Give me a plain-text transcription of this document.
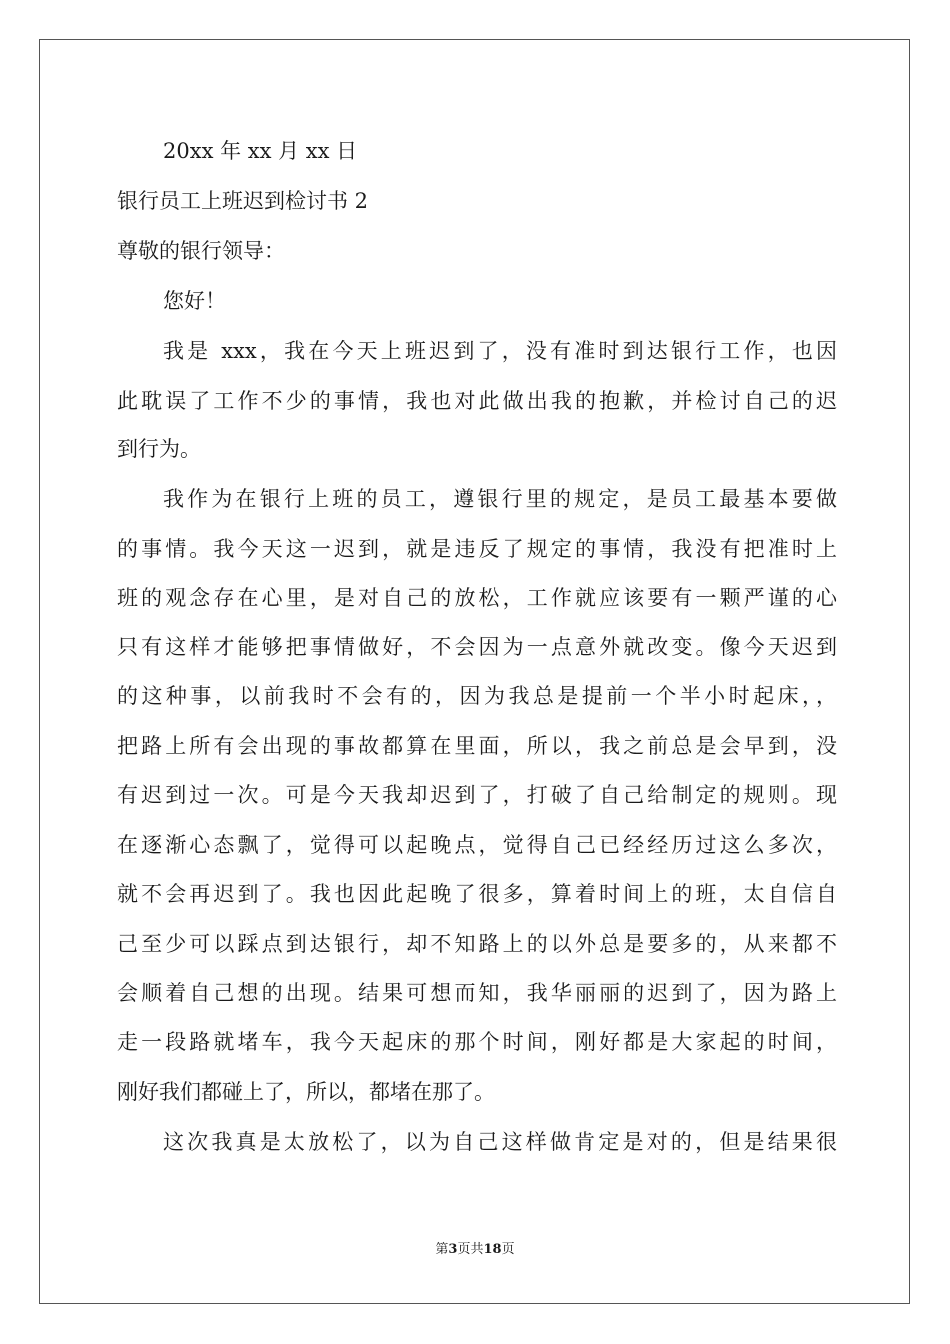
20xx 年 xx 月 xx 日
银行员工上班迟到检讨书 2
尊敬的银行领导：
您好！
我是 xxx，我在今天上班迟到了，没有准时到达银行工作，也因
此耽误了工作不少的事情，我也对此做出我的抱歉，并检讨自己的迟
到行为。
我作为在银行上班的员工，遵银行里的规定，是员工最基本要做
的事情。我今天这一迟到，就是违反了规定的事情，我没有把准时上
班的观念存在心里，是对自己的放松，工作就应该要有一颗严谨的心
只有这样才能够把事情做好，不会因为一点意外就改变。像今天迟到
的这种事，以前我时不会有的，因为我总是提前一个半小时起床，，
把路上所有会出现的事故都算在里面，所以，我之前总是会早到，没
有迟到过一次。可是今天我却迟到了，打破了自己给制定的规则。现
在逐渐心态飘了，觉得可以起晚点，觉得自己已经经历过这么多次，
就不会再迟到了。我也因此起晚了很多，算着时间上的班，太自信自
己至少可以踩点到达银行，却不知路上的以外总是要多的，从来都不
会顺着自己想的出现。结果可想而知，我华丽丽的迟到了，因为路上
走一段路就堵车，我今天起床的那个时间，刚好都是大家起的时间，
刚好我们都碰上了，所以，都堵在那了。
这次我真是太放松了，以为自己这样做肯定是对的，但是结果很
第3页共18页
